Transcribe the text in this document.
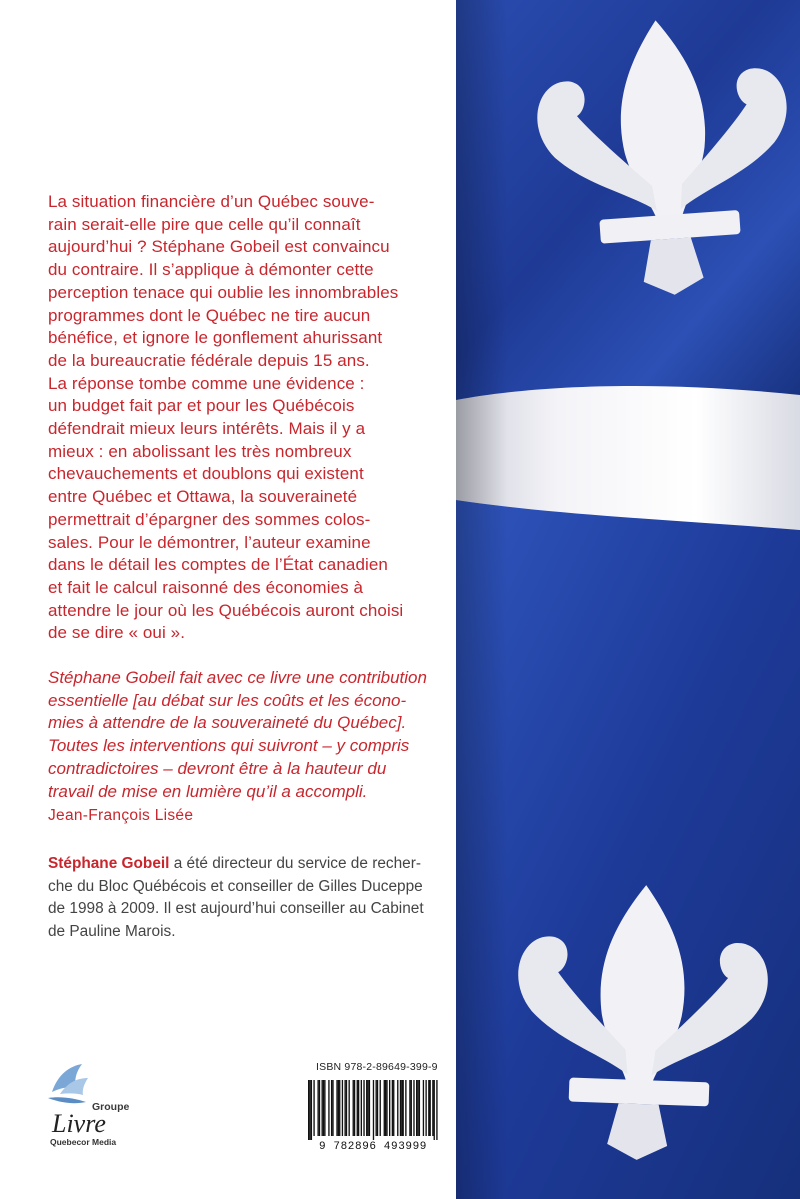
La situation financière d’un Québec souve-
rain serait-elle pire que celle qu’il connaît
aujourd’hui ? Stéphane Gobeil est convaincu
du contraire. Il s’applique à démonter cette
perception tenace qui oublie les innombrables
programmes dont le Québec ne tire aucun
bénéfice, et ignore le gonflement ahurissant
de la bureaucratie fédérale depuis 15 ans.
La réponse tombe comme une évidence :
un budget fait par et pour les Québécois
défendrait mieux leurs intérêts. Mais il y a
mieux : en abolissant les très nombreux
chevauchements et doublons qui existent
entre Québec et Ottawa, la souveraineté
permettrait d’épargner des sommes colos-
sales. Pour le démontrer, l’auteur examine
dans le détail les comptes de l’État canadien
et fait le calcul raisonné des économies à
attendre le jour où les Québécois auront choisi
de se dire « oui ».
Stéphane Gobeil fait avec ce livre une contribution
essentielle [au débat sur les coûts et les écono-
mies à attendre de la souveraineté du Québec].
Toutes les interventions qui suivront – y compris
contradictoires – devront être à la hauteur du
travail de mise en lumière qu’il a accompli.
Jean-François Lisée
Stéphane Gobeil a été directeur du service de recher-
che du Bloc Québécois et conseiller de Gilles Duceppe
de 1998 à 2009. Il est aujourd’hui conseiller au Cabinet
de Pauline Marois.
Groupe
Livre
Quebecor Media
ISBN 978-2-89649-399-9
9 782896 493999
